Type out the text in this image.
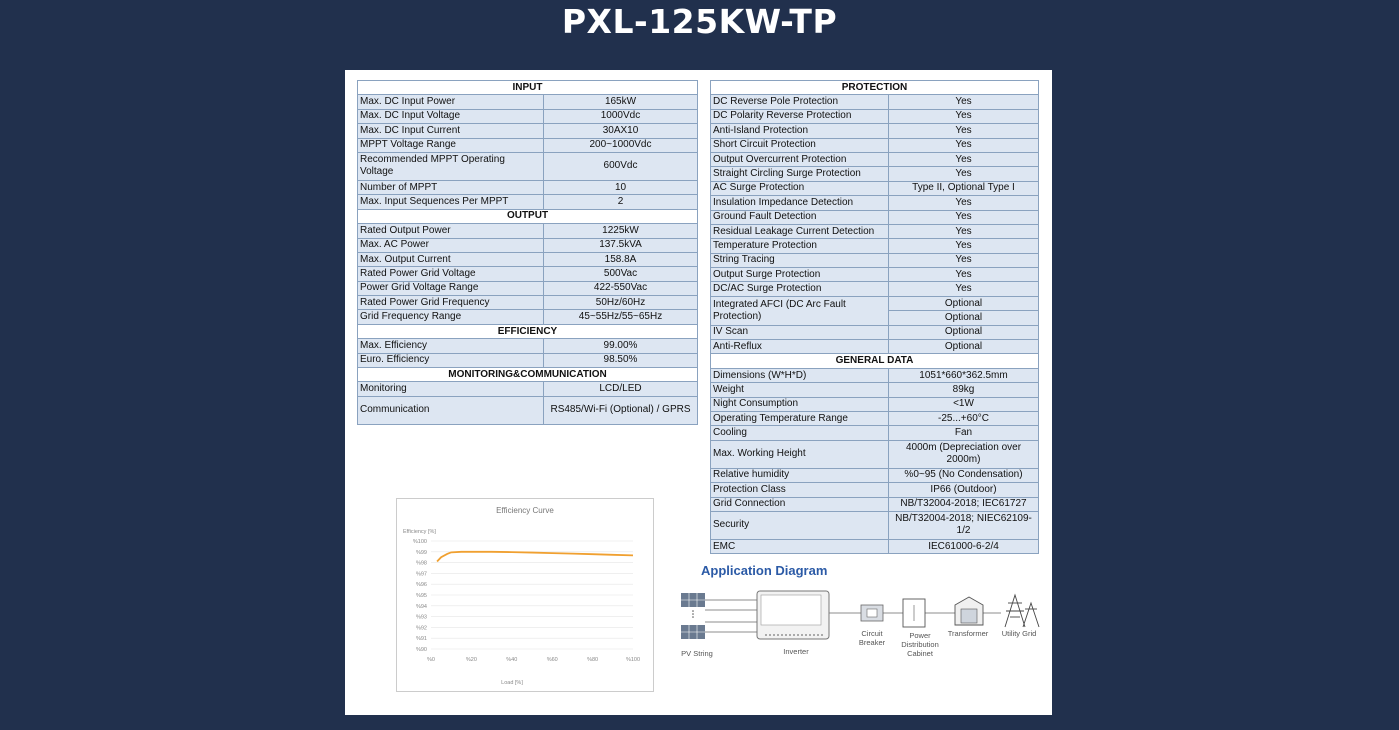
PXL-125KW-TP
INPUT	
Max. DC Input Power	165kW
Max. DC Input Voltage	1000Vdc
Max. DC Input Current	30AX10
MPPT Voltage Range	200~1000Vdc
Recommended MPPT Operating Voltage	600Vdc
Number of MPPT	10
Max. Input Sequences Per MPPT	2
OUTPUT	
Rated Output Power	1225kW
Max. AC Power	137.5kVA
Max. Output Current	158.8A
Rated Power Grid Voltage	500Vac
Power Grid Voltage Range	422-550Vac
Rated Power Grid Frequency	50Hz/60Hz
Grid Frequency Range	45~55Hz/55~65Hz
EFFICIENCY	
Max. Efficiency	99.00%
Euro. Efficiency	98.50%
MONITORING&COMMUNICATION	
Monitoring	LCD/LED
Communication	RS485/Wi-Fi (Optional) / GPRS
PROTECTION	
DC Reverse Pole Protection	Yes
DC Polarity Reverse Protection	Yes
Anti-Island Protection	Yes
Short Circuit Protection	Yes
Output Overcurrent Protection	Yes
Straight Circling Surge Protection	Yes
AC Surge Protection	Type II, Optional Type I
Insulation Impedance Detection	Yes
Ground Fault Detection	Yes
Residual Leakage Current Detection	Yes
Temperature Protection	Yes
String Tracing	Yes
Output Surge Protection	Yes
DC/AC Surge Protection	Yes
Integrated AFCI (DC Arc Fault Protection)	Optional
	Optional
IV Scan	Optional
Anti-Reflux	Optional
GENERAL DATA	
Dimensions (W*H*D)	1051*660*362.5mm
Weight	89kg
Night Consumption	<1W
Operating Temperature Range	-25...+60°C
Cooling	Fan
Max. Working Height	4000m (Depreciation over 2000m)
Relative humidity	%0~95 (No Condensation)
Protection Class	IP66 (Outdoor)
Grid Connection	NB/T32004-2018; IEC61727
Security	NB/T32004-2018; NIEC62109-1/2
EMC	IEC61000-6-2/4
Efficiency Curve
%90
%91
%92
%93
%94
%95
%96
%97
%98
%99
%100
%0	%20	%40	%60	%80	%100
Efficiency [%]
Load [%]
Application Diagram
PV String	Inverter
Circuit Breaker
Power Distribution Cabinet
Transformer	Utility Grid
